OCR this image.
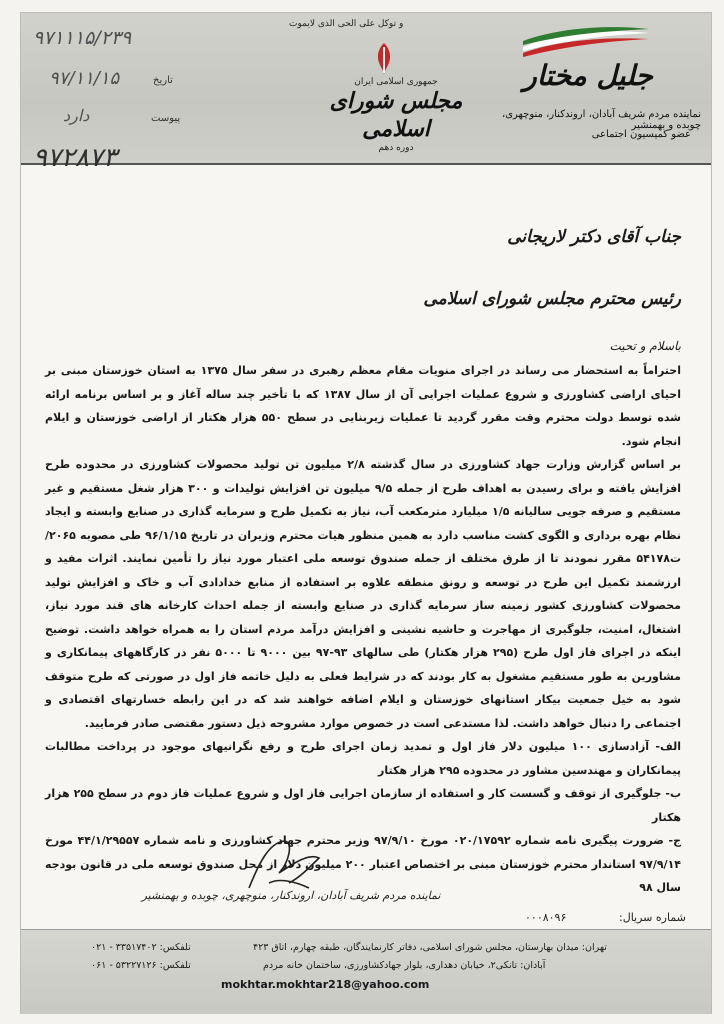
۹۷۱۱۱۵/۲۳۹
تاریخ
۹۷/۱۱/۱۵
پیوست
دارد
و توکل علی الحی الذی لایموت
جمهوری اسلامی ایران
مجلس شورای اسلامی
دوره دهم
جلیل مختار
نماینده مردم شریف آبادان، اروندکنار، منوچهری، چوبده و بهمنشیر
عضو کمیسیون اجتماعی
۹۷۲۸۷۳
جناب آقای دکتر لاریجانی
رئیس محترم مجلس شورای اسلامی
باسلام و تحیت

احتراماً به استحضار می رساند در اجرای منویات مقام معظم رهبری در سفر سال ۱۳۷۵ به استان خوزستان مبنی بر احیای اراضی کشاورزی و شروع عملیات اجرایی آن از سال ۱۳۸۷ که با تأخیر چند ساله آغاز و بر اساس برنامه ارائه شده توسط دولت محترم وقت مقرر گردید تا عملیات زیربنایی در سطح ۵۵۰ هزار هکتار از اراضی خوزستان و ایلام انجام شود.

بر اساس گزارش وزارت جهاد کشاورزی در سال گذشته ۲/۸ میلیون تن تولید محصولات کشاورزی در محدوده طرح افزایش یافته و برای رسیدن به اهداف طرح از جمله ۹/۵ میلیون تن افزایش تولیدات و ۳۰۰ هزار شغل مستقیم و غیر مستقیم و صرفه جویی سالیانه ۱/۵ میلیارد مترمکعب آب، نیاز به تکمیل طرح و سرمایه گذاری در صنایع وابسته و ایجاد نظام بهره برداری و الگوی کشت مناسب دارد به همین منظور هیات محترم وزیران در تاریخ ۹۶/۱/۱۵ طی مصوبه ۲۰۶۵/ت۵۴۱۷۸ مقرر نمودند تا از طرق مختلف از جمله صندوق توسعه ملی اعتبار مورد نیاز را تأمین نمایند. اثرات مفید و ارزشمند تکمیل این طرح در توسعه و رونق منطقه علاوه بر استفاده از منابع خدادادی آب و خاک و افزایش تولید محصولات کشاورزی کشور زمینه ساز سرمایه گذاری در صنایع وابسته از جمله احداث کارخانه های قند مورد نیاز، اشتغال، امنیت، جلوگیری از مهاجرت و حاشیه نشینی و افزایش درآمد مردم استان را به همراه خواهد داشت. توضیح اینکه در اجرای فاز اول طرح (۲۹۵ هزار هکتار) طی سالهای ۹۳-۹۷ بین ۹۰۰۰ تا ۵۰۰۰ نفر در کارگاههای پیمانکاری و مشاورین به طور مستقیم مشغول به کار بودند که در شرایط فعلی به دلیل خاتمه فاز اول در صورتی که طرح متوقف شود به خیل جمعیت بیکار استانهای خوزستان و ایلام اضافه خواهند شد که در این رابطه خسارتهای اقتصادی و اجتماعی را دنبال خواهد داشت. لذا مستدعی است در خصوص موارد مشروحه ذیل دستور مقتضی صادر فرمایید.

الف- آزادسازی ۱۰۰ میلیون دلار فاز اول و تمدید زمان اجرای طرح و رفع نگرانیهای موجود در پرداخت مطالبات پیمانکاران و مهندسین مشاور در محدوده ۲۹۵ هزار هکتار

ب- جلوگیری از توقف و گسست کار و استفاده از سازمان اجرایی فاز اول و شروع عملیات فاز دوم در سطح ۲۵۵ هزار هکتار

ج- ضرورت پیگیری نامه شماره ۰۲۰/۱۷۵۹۲ مورخ ۹۷/۹/۱۰ وزیر محترم جهاد کشاورزی و نامه شماره ۴۴/۱/۲۹۵۵۷ مورخ ۹۷/۹/۱۴ استاندار محترم خوزستان مبنی بر اختصاص اعتبار ۲۰۰ میلیون دلار از محل صندوق توسعه ملی در قانون بودجه سال ۹۸

نماینده مردم شریف آبادان، اروندکنار، منوچهری، چوبده و بهمنشیر
شماره سریال:
۰۰۰۸۰۹۶
تهران: میدان بهارستان، مجلس شورای اسلامی، دفاتر کارنمایندگان، طبقه چهارم، اتاق ۴۲۳
تلفکس: ۳۳۵۱۷۴۰۲ - ۰۲۱
آبادان: تانکی۲، خیابان دهداری، بلوار جهادکشاورزی، ساختمان خانه مردم
تلفکس: ۵۳۲۲۷۱۲۶ - ۰۶۱
mokhtar.mokhtar218@yahoo.com
